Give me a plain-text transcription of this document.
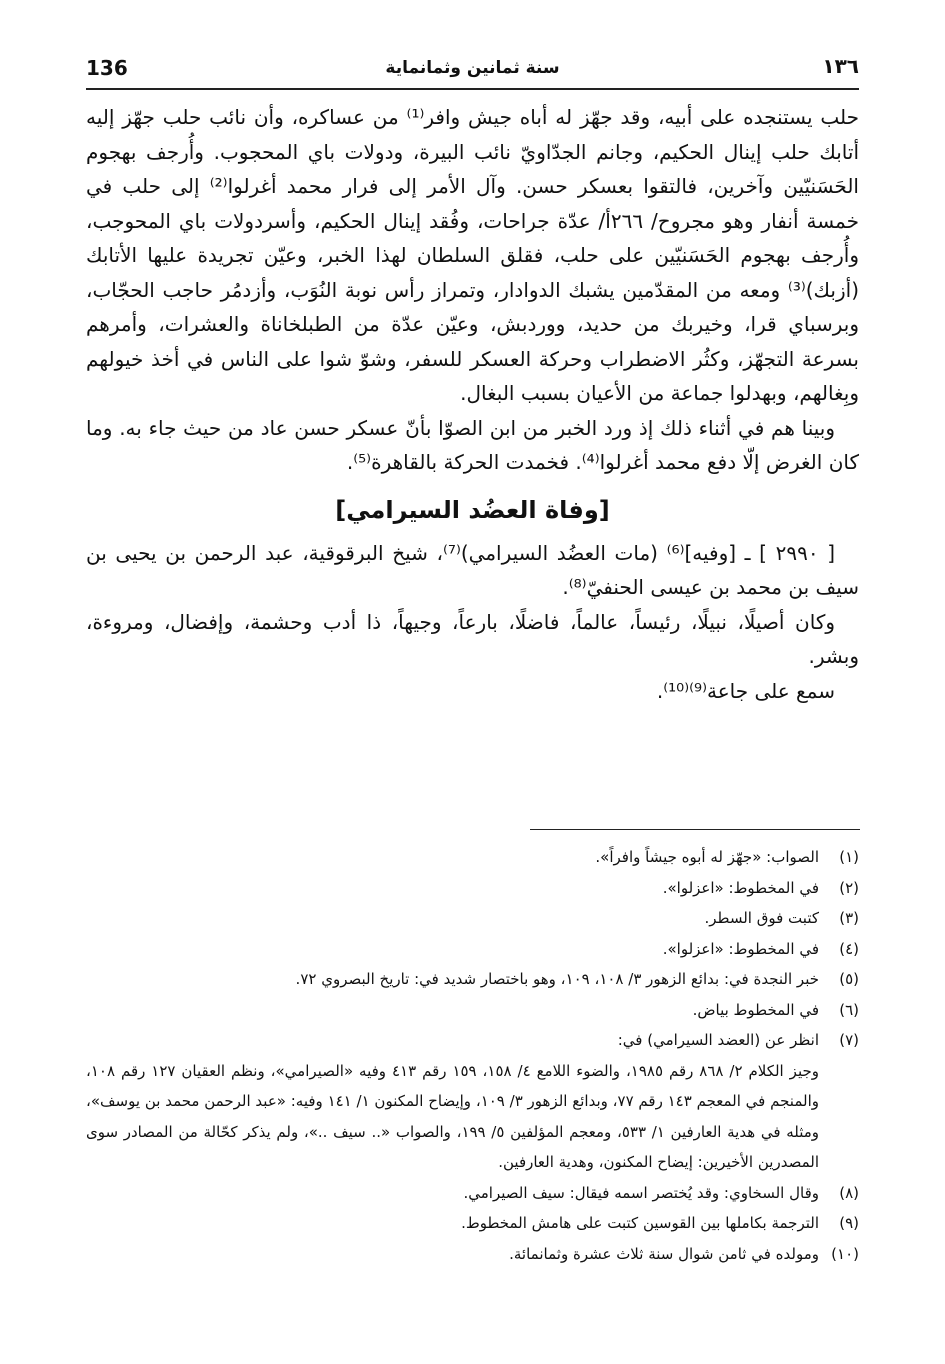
136	سنة ثمانين وثمانماية	١٣٦

حلب يستنجده على أبيه، وقد جهّز له أباه جيش وافر⁽¹⁾ من عساكره، وأن نائب حلب جهّز إليه أتابك حلب إينال الحكيم، وجانم الجدّاويّ نائب البيرة، ودولات باي المحجوب. وأُرجف بهجوم الحَسَنيّين وآخرين، فالتقوا بعسكر حسن. وآل الأمر إلى فرار محمد أغرلوا⁽²⁾ إلى حلب في خمسة أنفار وهو مجروح/ ٢٦٦أ/ عدّة جراحات، وفُقد إينال الحكيم، وأسردولات باي المحوجب، وأُرجف بهجوم الحَسَنيّين على حلب، فقلق السلطان لهذا الخبر، وعيّن تجريدة عليها الأتابك (أزبك)⁽³⁾ ومعه من المقدّمين يشبك الدوادار، وتمراز رأس نوبة النُوَب، وأزدمُر حاجب الحجّاب، وبرسباي قرا، وخيربك من حديد، ووردبش، وعيّن عدّة من الطبلخاناة والعشرات، وأمرهم بسرعة التجهّز، وكثُر الاضطراب وحركة العسكر للسفر، وشوّ شوا على الناس في أخذ خيولهم وبِغالهم، وبهدلوا جماعة من الأعيان بسبب البغال.

وبينا هم في أثناء ذلك إذ ورد الخبر من ابن الصوّا بأنّ عسكر حسن عاد من حيث جاء به. وما كان الغرض إلّا دفع محمد أغرلوا⁽⁴⁾. فخمدت الحركة بالقاهرة⁽⁵⁾.

[وفاة العضُد السيرامي]

[ ٢٩٩٠ ] ـ [وفيه]⁽⁶⁾ (مات العضُد السيرامي)⁽⁷⁾، شيخ البرقوقية، عبد الرحمن بن يحيى بن سيف بن محمد بن عيسى الحنفيّ⁽⁸⁾.

وكان أصيلًا، نبيلًا، رئيساً، عالماً، فاضلًا، بارعاً، وجيهاً، ذا أدب وحشمة، وإفضال، ومروءة، وبشر.

سمع على جاعة⁽⁹⁾⁽¹⁰⁾.

(١)
الصواب: «جهّز له أبوه جيشاً وافراً».
(٢)
في المخطوط: «اعزلوا».
(٣)
كتبت فوق السطر.
(٤)
في المخطوط: «اعزلوا».
(٥)
خبر النجدة في: بدائع الزهور ٣/ ١٠٨، ١٠٩، وهو باختصار شديد في: تاريخ البصروي ٧٢.
(٦)
في المخطوط بياض.
(٧)
انظر عن (العضد السيرامي) في:
وجيز الكلام ٢/ ٨٦٨ رقم ١٩٨٥، والضوء اللامع ٤/ ١٥٨، ١٥٩ رقم ٤١٣ وفيه «الصيرامي»، ونظم العقيان ١٢٧ رقم ١٠٨، والمنجم في المعجم ١٤٣ رقم ٧٧، وبدائع الزهور ٣/ ١٠٩، وإيضاح المكنون ١/ ١٤١ وفيه: «عبد الرحمن محمد بن يوسف»، ومثله في هدية العارفين ١/ ٥٣٣، ومعجم المؤلفين ٥/ ١٩٩، والصواب «.. سيف ..»، ولم يذكر كحّالة من المصادر سوى المصدرين الأخيرين: إيضاح المكنون، وهدية العارفين.
(٨)
وقال السخاوي: وقد يُختصر اسمه فيقال: سيف الصيرامي.
(٩)
الترجمة بكاملها بين القوسين كتبت على هامش المخطوط.
(١٠)
ومولده في ثامن شوال سنة ثلاث عشرة وثمانمائة.
